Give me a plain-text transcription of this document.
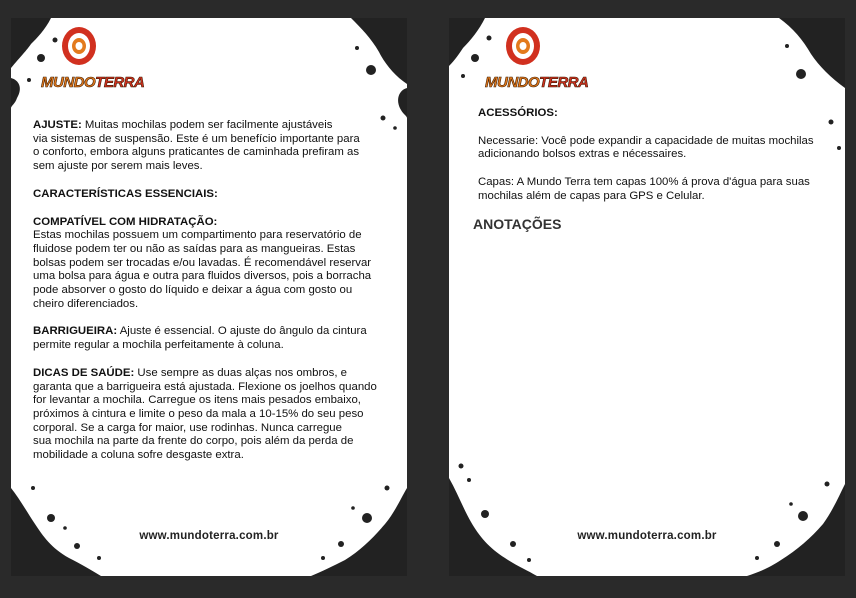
MUNDOTERRA

AJUSTE: Muitas mochilas podem ser facilmente ajustáveis
via sistemas de suspensão. Este é um benefício importante para
o conforto, embora alguns praticantes de caminhada prefiram as
sem ajuste por serem mais leves.

CARACTERÍSTICAS ESSENCIAIS:

COMPATÍVEL COM HIDRATAÇÃO:
Estas mochilas possuem um compartimento para reservatório de
fluidose podem ter ou não as saídas para as mangueiras. Estas
bolsas podem ser trocadas e/ou lavadas. É recomendável reservar
uma bolsa para água e outra para fluidos diversos, pois a borracha
pode absorver o gosto do líquido e deixar a água com gosto ou
cheiro diferenciados.

BARRIGUEIRA: Ajuste é essencial. O ajuste do ângulo da cintura
permite regular a mochila perfeitamente à coluna.

DICAS DE SAÚDE: Use sempre as duas alças nos ombros, e
garanta que a barrigueira está ajustada. Flexione os joelhos quando
for levantar a mochila. Carregue os itens mais pesados embaixo,
próximos à cintura e limite o peso da mala a 10-15% do seu peso
corporal. Se a carga for maior, use rodinhas. Nunca carregue
sua mochila na parte da frente do corpo, pois além da perda de
mobilidade a coluna sofre desgaste extra.

www.mundoterra.com.br
MUNDOTERRA

ACESSÓRIOS:

Necessarie: Você pode expandir a capacidade de muitas mochilas
adicionando bolsos extras e nécessaires.

Capas: A Mundo Terra tem capas 100% á prova d'água para suas
mochilas além de capas para GPS e Celular.

ANOTAÇÕES

www.mundoterra.com.br
